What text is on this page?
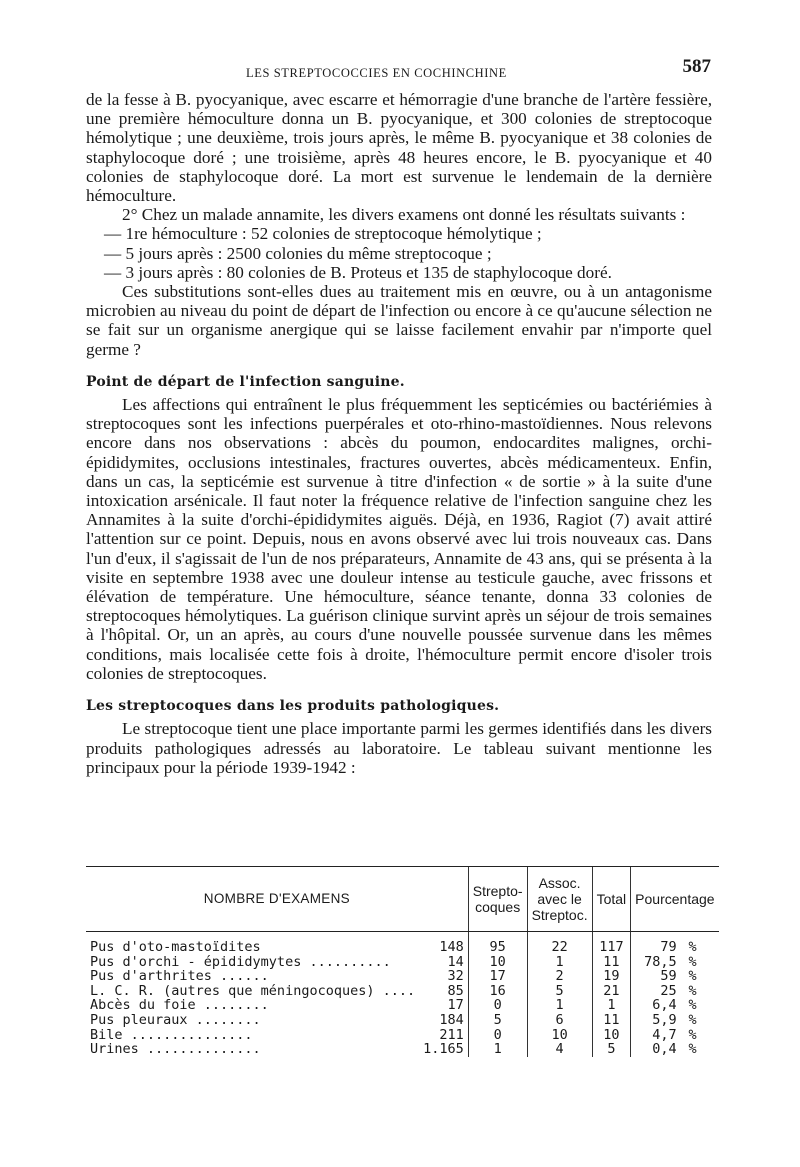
LES STREPTOCOCCIES EN COCHINCHINE	587

de la fesse à B. pyocyanique, avec escarre et hémorragie d'une branche de l'artère fessière, une première hémoculture donna un B. pyocyanique, et 300 colonies de streptocoque hémolytique ; une deuxième, trois jours après, le même B. pyocyanique et 38 colonies de staphylocoque doré ; une troisième, après 48 heures encore, le B. pyocyanique et 40 colonies de staphylocoque doré. La mort est survenue le lendemain de la dernière hémoculture.

2° Chez un malade annamite, les divers examens ont donné les résultats suivants :

— 1re hémoculture : 52 colonies de streptocoque hémolytique ;
— 5 jours après : 2500 colonies du même streptocoque ;
— 3 jours après : 80 colonies de B. Proteus et 135 de staphylocoque doré.

Ces substitutions sont-elles dues au traitement mis en œuvre, ou à un antagonisme microbien au niveau du point de départ de l'infection ou encore à ce qu'aucune sélection ne se fait sur un organisme anergique qui se laisse facilement envahir par n'importe quel germe ?

Point de départ de l'infection sanguine.

Les affections qui entraînent le plus fréquemment les septicémies ou bactériémies à streptocoques sont les infections puerpérales et oto-rhino-mastoïdiennes. Nous relevons encore dans nos observations : abcès du poumon, endocardites malignes, orchi-épididymites, occlusions intestinales, fractures ouvertes, abcès médicamenteux. Enfin, dans un cas, la septicémie est survenue à titre d'infection « de sortie » à la suite d'une intoxication arsénicale. Il faut noter la fréquence relative de l'infection sanguine chez les Annamites à la suite d'orchi-épididymites aiguës. Déjà, en 1936, Ragiot (7) avait attiré l'attention sur ce point. Depuis, nous en avons observé avec lui trois nouveaux cas. Dans l'un d'eux, il s'agissait de l'un de nos préparateurs, Annamite de 43 ans, qui se présenta à la visite en septembre 1938 avec une douleur intense au testicule gauche, avec frissons et élévation de température. Une hémoculture, séance tenante, donna 33 colonies de streptocoques hémolytiques. La guérison clinique survint après un séjour de trois semaines à l'hôpital. Or, un an après, au cours d'une nouvelle poussée survenue dans les mêmes conditions, mais localisée cette fois à droite, l'hémoculture permit encore d'isoler trois colonies de streptocoques.

Les streptocoques dans les produits pathologiques.

Le streptocoque tient une place importante parmi les germes identifiés dans les divers produits pathologiques adressés au laboratoire. Le tableau suivant mentionne les principaux pour la période 1939-1942 :

NOMBRE D'EXAMENS		Strepto-coques	Assoc. avec le Streptoc.	Total	Pourcentage
Pus d'oto-mastoïdites	148	95	22	117	79 %
Pus d'orchi - épididymytes ..........	14	10	1	11	78,5 %
Pus d'arthrites ......	32	17	2	19	59 %
L. C. R. (autres que méningocoques) ....	85	16	5	21	25 %
Abcès du foie ........	17	0	1	1	6,4 %
Pus pleuraux ........	184	5	6	11	5,9 %
Bile ...............	211	0	10	10	4,7 %
Urines ..............	1.165	1	4	5	0,4 %
